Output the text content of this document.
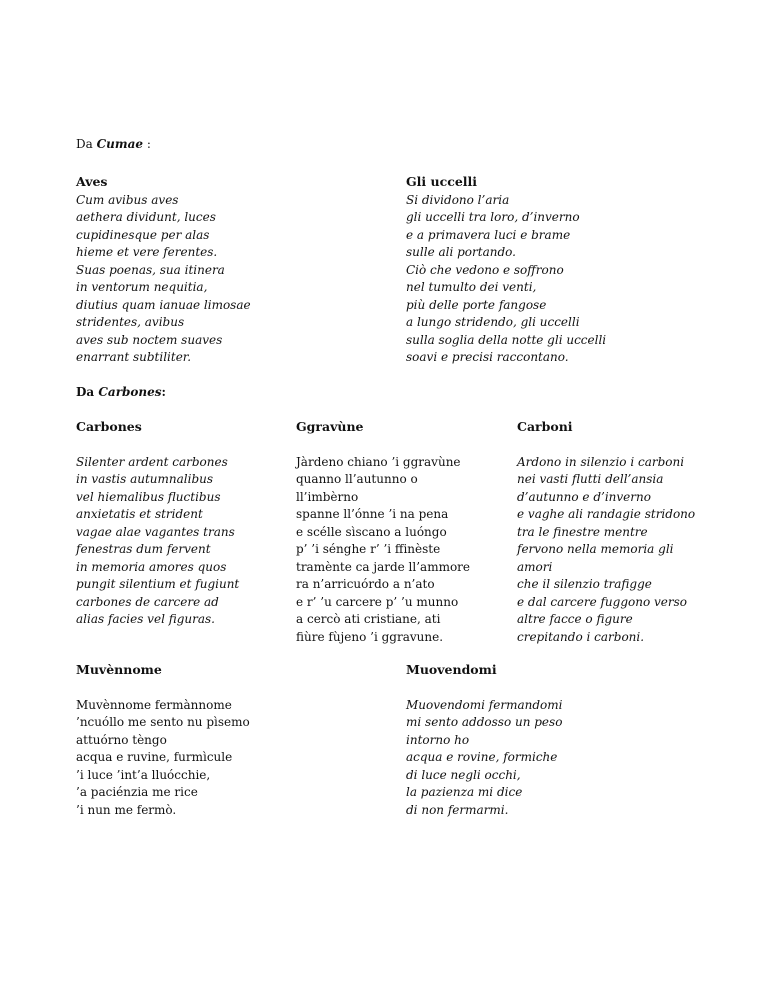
Da Cumae :
Aves
Cum avibus aves
aethera dividunt, luces
cupidinesque per alas
hieme et vere ferentes.
Suas poenas, sua itinera
in ventorum nequitia,
diutius quam ianuae limosae
stridentes, avibus
aves sub noctem suaves
enarrant subtiliter.
Gli uccelli
Si dividono l’aria
gli uccelli tra loro, d’inverno
e a primavera luci e brame
sulle ali portando.
Ciò che vedono e soffrono
nel tumulto dei venti,
più delle porte fangose
a lungo stridendo, gli uccelli
sulla soglia della notte gli uccelli
soavi e precisi raccontano.
Da Carbones:
Carbones
Silenter ardent carbones
in vastis autumnalibus
vel hiemalibus fluctibus
anxietatis et strident
vagae alae vagantes trans
fenestras dum fervent
in memoria amores quos
pungit silentium et fugiunt
carbones de carcere ad
alias facies vel figuras.
Ggravùne
Jàrdeno chiano ’i ggravùne
quanno ll’autunno o
ll’imbèrno
spanne ll’ónne ’i na pena
e scélle sìscano a luóngo
p’ ’i sénghe r’ ’i ffinèste
tramènte ca jarde ll’ammore
ra n’arricuórdo a n’ato
e r’ ’u carcere p’ ’u munno
a cercò ati cristiane, ati
fiùre fùjeno ’i ggravune.
Carboni
Ardono in silenzio i carboni
nei vasti flutti dell’ansia
d’autunno e d’inverno
e vaghe ali randagie stridono
tra le finestre mentre
fervono nella memoria gli
amori
che il silenzio trafigge
e dal carcere fuggono verso
altre facce o figure
crepitando i carboni.
Muvènnome
Muvènnome fermànnome
’ncuóllo me sento nu pìsemo
attuórno tèngo
acqua e ruvine, furmìcule
’i luce ’int’a lluócchie,
’a paciénzia me rice
’i nun me fermò.
Muovendomi
Muovendomi fermandomi
mi sento addosso un peso
intorno ho
acqua e rovine, formiche
di luce negli occhi,
la pazienza mi dice
di non fermarmi.
